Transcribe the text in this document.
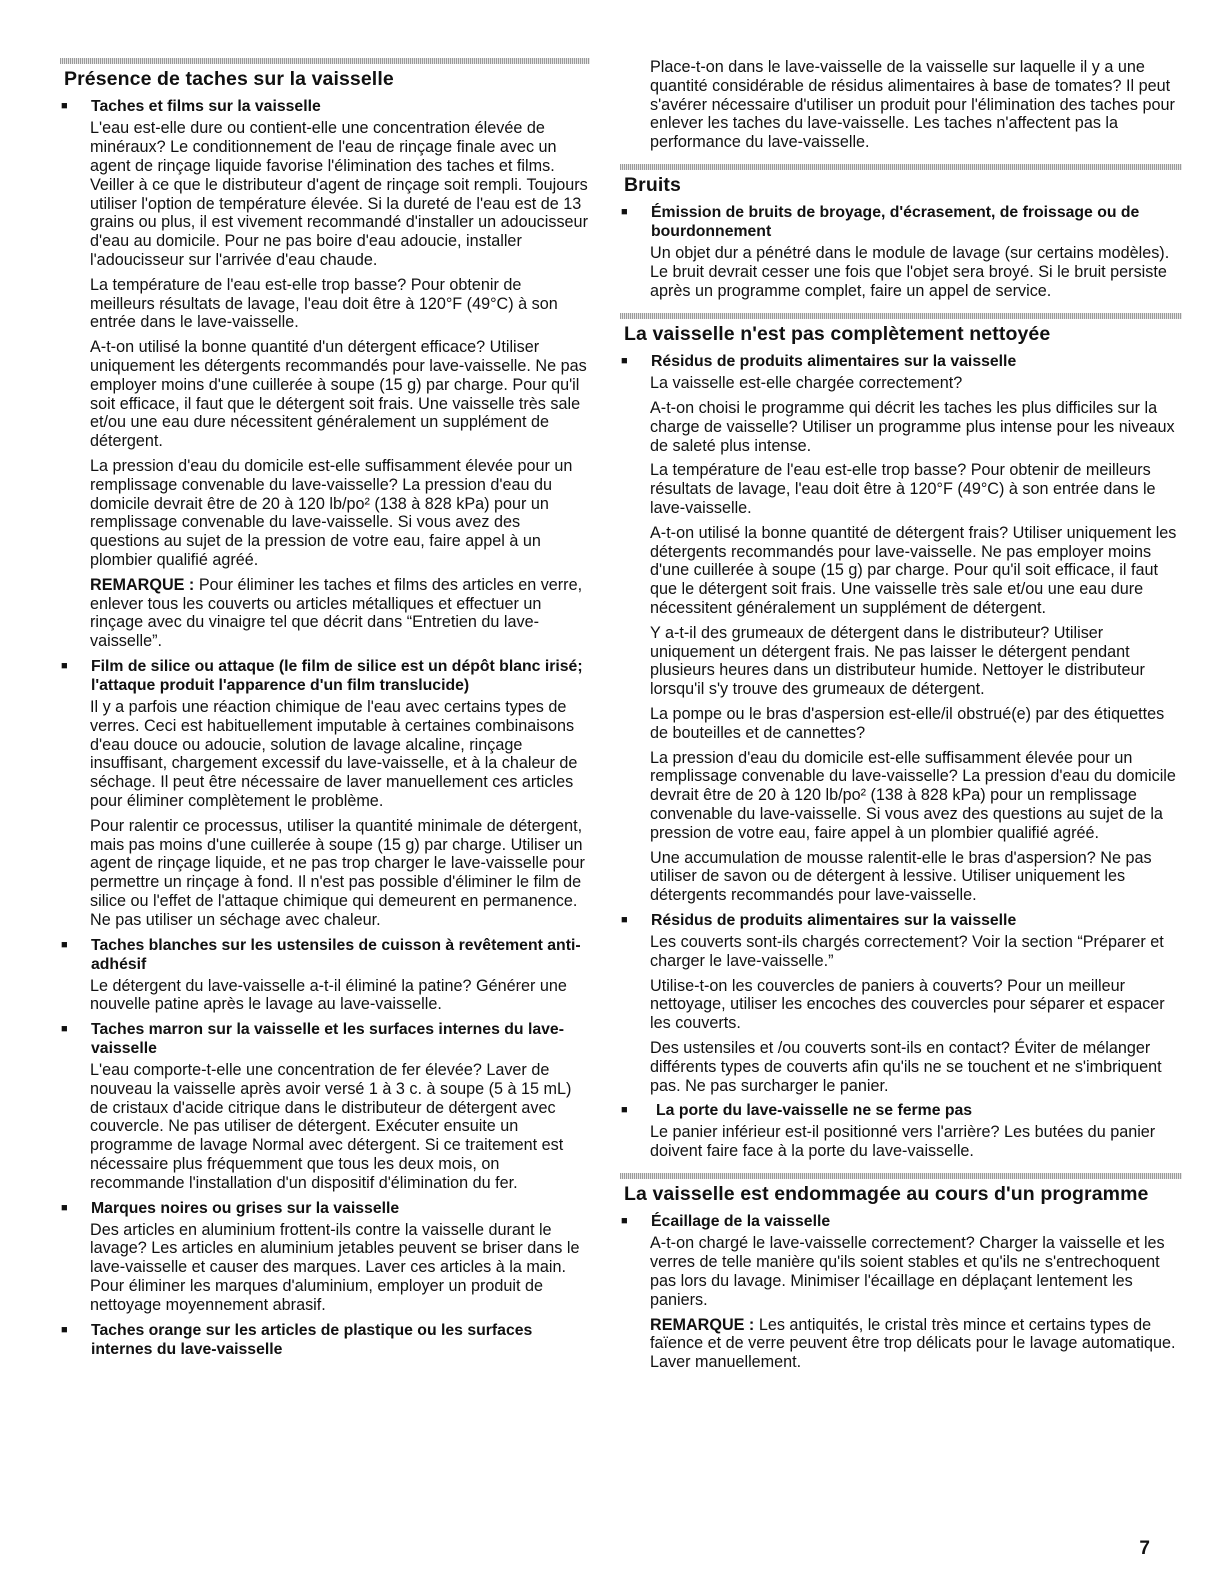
Présence de taches sur la vaisselle
■	Taches et films sur la vaisselle

L'eau est-elle dure ou contient-elle une concentration élevée de minéraux? Le conditionnement de l'eau de rinçage finale avec un agent de rinçage liquide favorise l'élimination des taches et films. Veiller à ce que le distributeur d'agent de rinçage soit rempli. Toujours utiliser l'option de température élevée. Si la dureté de l'eau est de 13 grains ou plus, il est vivement recommandé d'installer un adoucisseur d'eau au domicile. Pour ne pas boire d'eau adoucie, installer l'adoucisseur sur l'arrivée d'eau chaude.

La température de l'eau est-elle trop basse? Pour obtenir de meilleurs résultats de lavage, l'eau doit être à 120°F (49°C) à son entrée dans le lave-vaisselle.

A-t-on utilisé la bonne quantité d'un détergent efficace? Utiliser uniquement les détergents recommandés pour lave-vaisselle. Ne pas employer moins d'une cuillerée à soupe (15 g) par charge. Pour qu'il soit efficace, il faut que le détergent soit frais. Une vaisselle très sale et/ou une eau dure nécessitent généralement un supplément de détergent.

La pression d'eau du domicile est-elle suffisamment élevée pour un remplissage convenable du lave-vaisselle? La pression d'eau du domicile devrait être de 20 à 120 lb/po² (138 à 828 kPa) pour un remplissage convenable du lave-vaisselle. Si vous avez des questions au sujet de la pression de votre eau, faire appel à un plombier qualifié agréé.

REMARQUE : Pour éliminer les taches et films des articles en verre, enlever tous les couverts ou articles métalliques et effectuer un rinçage avec du vinaigre tel que décrit dans “Entretien du lave-vaisselle”.

■	Film de silice ou attaque (le film de silice est un dépôt blanc irisé; l'attaque produit l'apparence d'un film translucide)

Il y a parfois une réaction chimique de l'eau avec certains types de verres. Ceci est habituellement imputable à certaines combinaisons d'eau douce ou adoucie, solution de lavage alcaline, rinçage insuffisant, chargement excessif du lave-vaisselle, et à la chaleur de séchage. Il peut être nécessaire de laver manuellement ces articles pour éliminer complètement le problème.

Pour ralentir ce processus, utiliser la quantité minimale de détergent, mais pas moins d'une cuillerée à soupe (15 g) par charge. Utiliser un agent de rinçage liquide, et ne pas trop charger le lave-vaisselle pour permettre un rinçage à fond. Il n'est pas possible d'éliminer le film de silice ou l'effet de l'attaque chimique qui demeurent en permanence. Ne pas utiliser un séchage avec chaleur.

■	Taches blanches sur les ustensiles de cuisson à revêtement anti-adhésif

Le détergent du lave-vaisselle a-t-il éliminé la patine? Générer une nouvelle patine après le lavage au lave-vaisselle.

■	Taches marron sur la vaisselle et les surfaces internes du lave-vaisselle

L'eau comporte-t-elle une concentration de fer élevée? Laver de nouveau la vaisselle après avoir versé 1 à 3 c. à soupe (5 à 15 mL) de cristaux d'acide citrique dans le distributeur de détergent avec couvercle. Ne pas utiliser de détergent. Exécuter ensuite un programme de lavage Normal avec détergent. Si ce traitement est nécessaire plus fréquemment que tous les deux mois, on recommande l'installation d'un dispositif d'élimination du fer.

■	Marques noires ou grises sur la vaisselle

Des articles en aluminium frottent-ils contre la vaisselle durant le lavage? Les articles en aluminium jetables peuvent se briser dans le lave-vaisselle et causer des marques. Laver ces articles à la main. Pour éliminer les marques d'aluminium, employer un produit de nettoyage moyennement abrasif.

■	Taches orange sur les articles de plastique ou les surfaces internes du lave-vaisselle

Place-t-on dans le lave-vaisselle de la vaisselle sur laquelle il y a une quantité considérable de résidus alimentaires à base de tomates? Il peut s'avérer nécessaire d'utiliser un produit pour l'élimination des taches pour enlever les taches du lave-vaisselle. Les taches n'affectent pas la performance du lave-vaisselle.

Bruits
■	Émission de bruits de broyage, d'écrasement, de froissage ou de bourdonnement

Un objet dur a pénétré dans le module de lavage (sur certains modèles). Le bruit devrait cesser une fois que l'objet sera broyé. Si le bruit persiste après un programme complet, faire un appel de service.

La vaisselle n'est pas complètement nettoyée
■	Résidus de produits alimentaires sur la vaisselle

La vaisselle est-elle chargée correctement?

A-t-on choisi le programme qui décrit les taches les plus difficiles sur la charge de vaisselle? Utiliser un programme plus intense pour les niveaux de saleté plus intense.

La température de l'eau est-elle trop basse? Pour obtenir de meilleurs résultats de lavage, l'eau doit être à 120°F (49°C) à son entrée dans le lave-vaisselle.

A-t-on utilisé la bonne quantité de détergent frais? Utiliser uniquement les détergents recommandés pour lave-vaisselle. Ne pas employer moins d'une cuillerée à soupe (15 g) par charge. Pour qu'il soit efficace, il faut que le détergent soit frais. Une vaisselle très sale et/ou une eau dure nécessitent généralement un supplément de détergent.

Y a-t-il des grumeaux de détergent dans le distributeur? Utiliser uniquement un détergent frais. Ne pas laisser le détergent pendant plusieurs heures dans un distributeur humide. Nettoyer le distributeur lorsqu'il s'y trouve des grumeaux de détergent.

La pompe ou le bras d'aspersion est-elle/il obstrué(e) par des étiquettes de bouteilles et de cannettes?

La pression d'eau du domicile est-elle suffisamment élevée pour un remplissage convenable du lave-vaisselle? La pression d'eau du domicile devrait être de 20 à 120 lb/po² (138 à 828 kPa) pour un remplissage convenable du lave-vaisselle. Si vous avez des questions au sujet de la pression de votre eau, faire appel à un plombier qualifié agréé.

Une accumulation de mousse ralentit-elle le bras d'aspersion? Ne pas utiliser de savon ou de détergent à lessive. Utiliser uniquement les détergents recommandés pour lave-vaisselle.

■	Résidus de produits alimentaires sur la vaisselle

Les couverts sont-ils chargés correctement? Voir la section “Préparer et charger le lave-vaisselle.”

Utilise-t-on les couvercles de paniers à couverts? Pour un meilleur nettoyage, utiliser les encoches des couvercles pour séparer et espacer les couverts.

Des ustensiles et /ou couverts sont-ils en contact? Éviter de mélanger différents types de couverts afin qu'ils ne se touchent et ne s'imbriquent pas. Ne pas surcharger le panier.

■	La porte du lave-vaisselle ne se ferme pas

Le panier inférieur est-il positionné vers l'arrière? Les butées du panier doivent faire face à la porte du lave-vaisselle.

La vaisselle est endommagée au cours d'un programme
■	Écaillage de la vaisselle

A-t-on chargé le lave-vaisselle correctement? Charger la vaisselle et les verres de telle manière qu'ils soient stables et qu'ils ne s'entrechoquent pas lors du lavage. Minimiser l'écaillage en déplaçant lentement les paniers.

REMARQUE : Les antiquités, le cristal très mince et certains types de faïence et de verre peuvent être trop délicats pour le lavage automatique. Laver manuellement.

7
